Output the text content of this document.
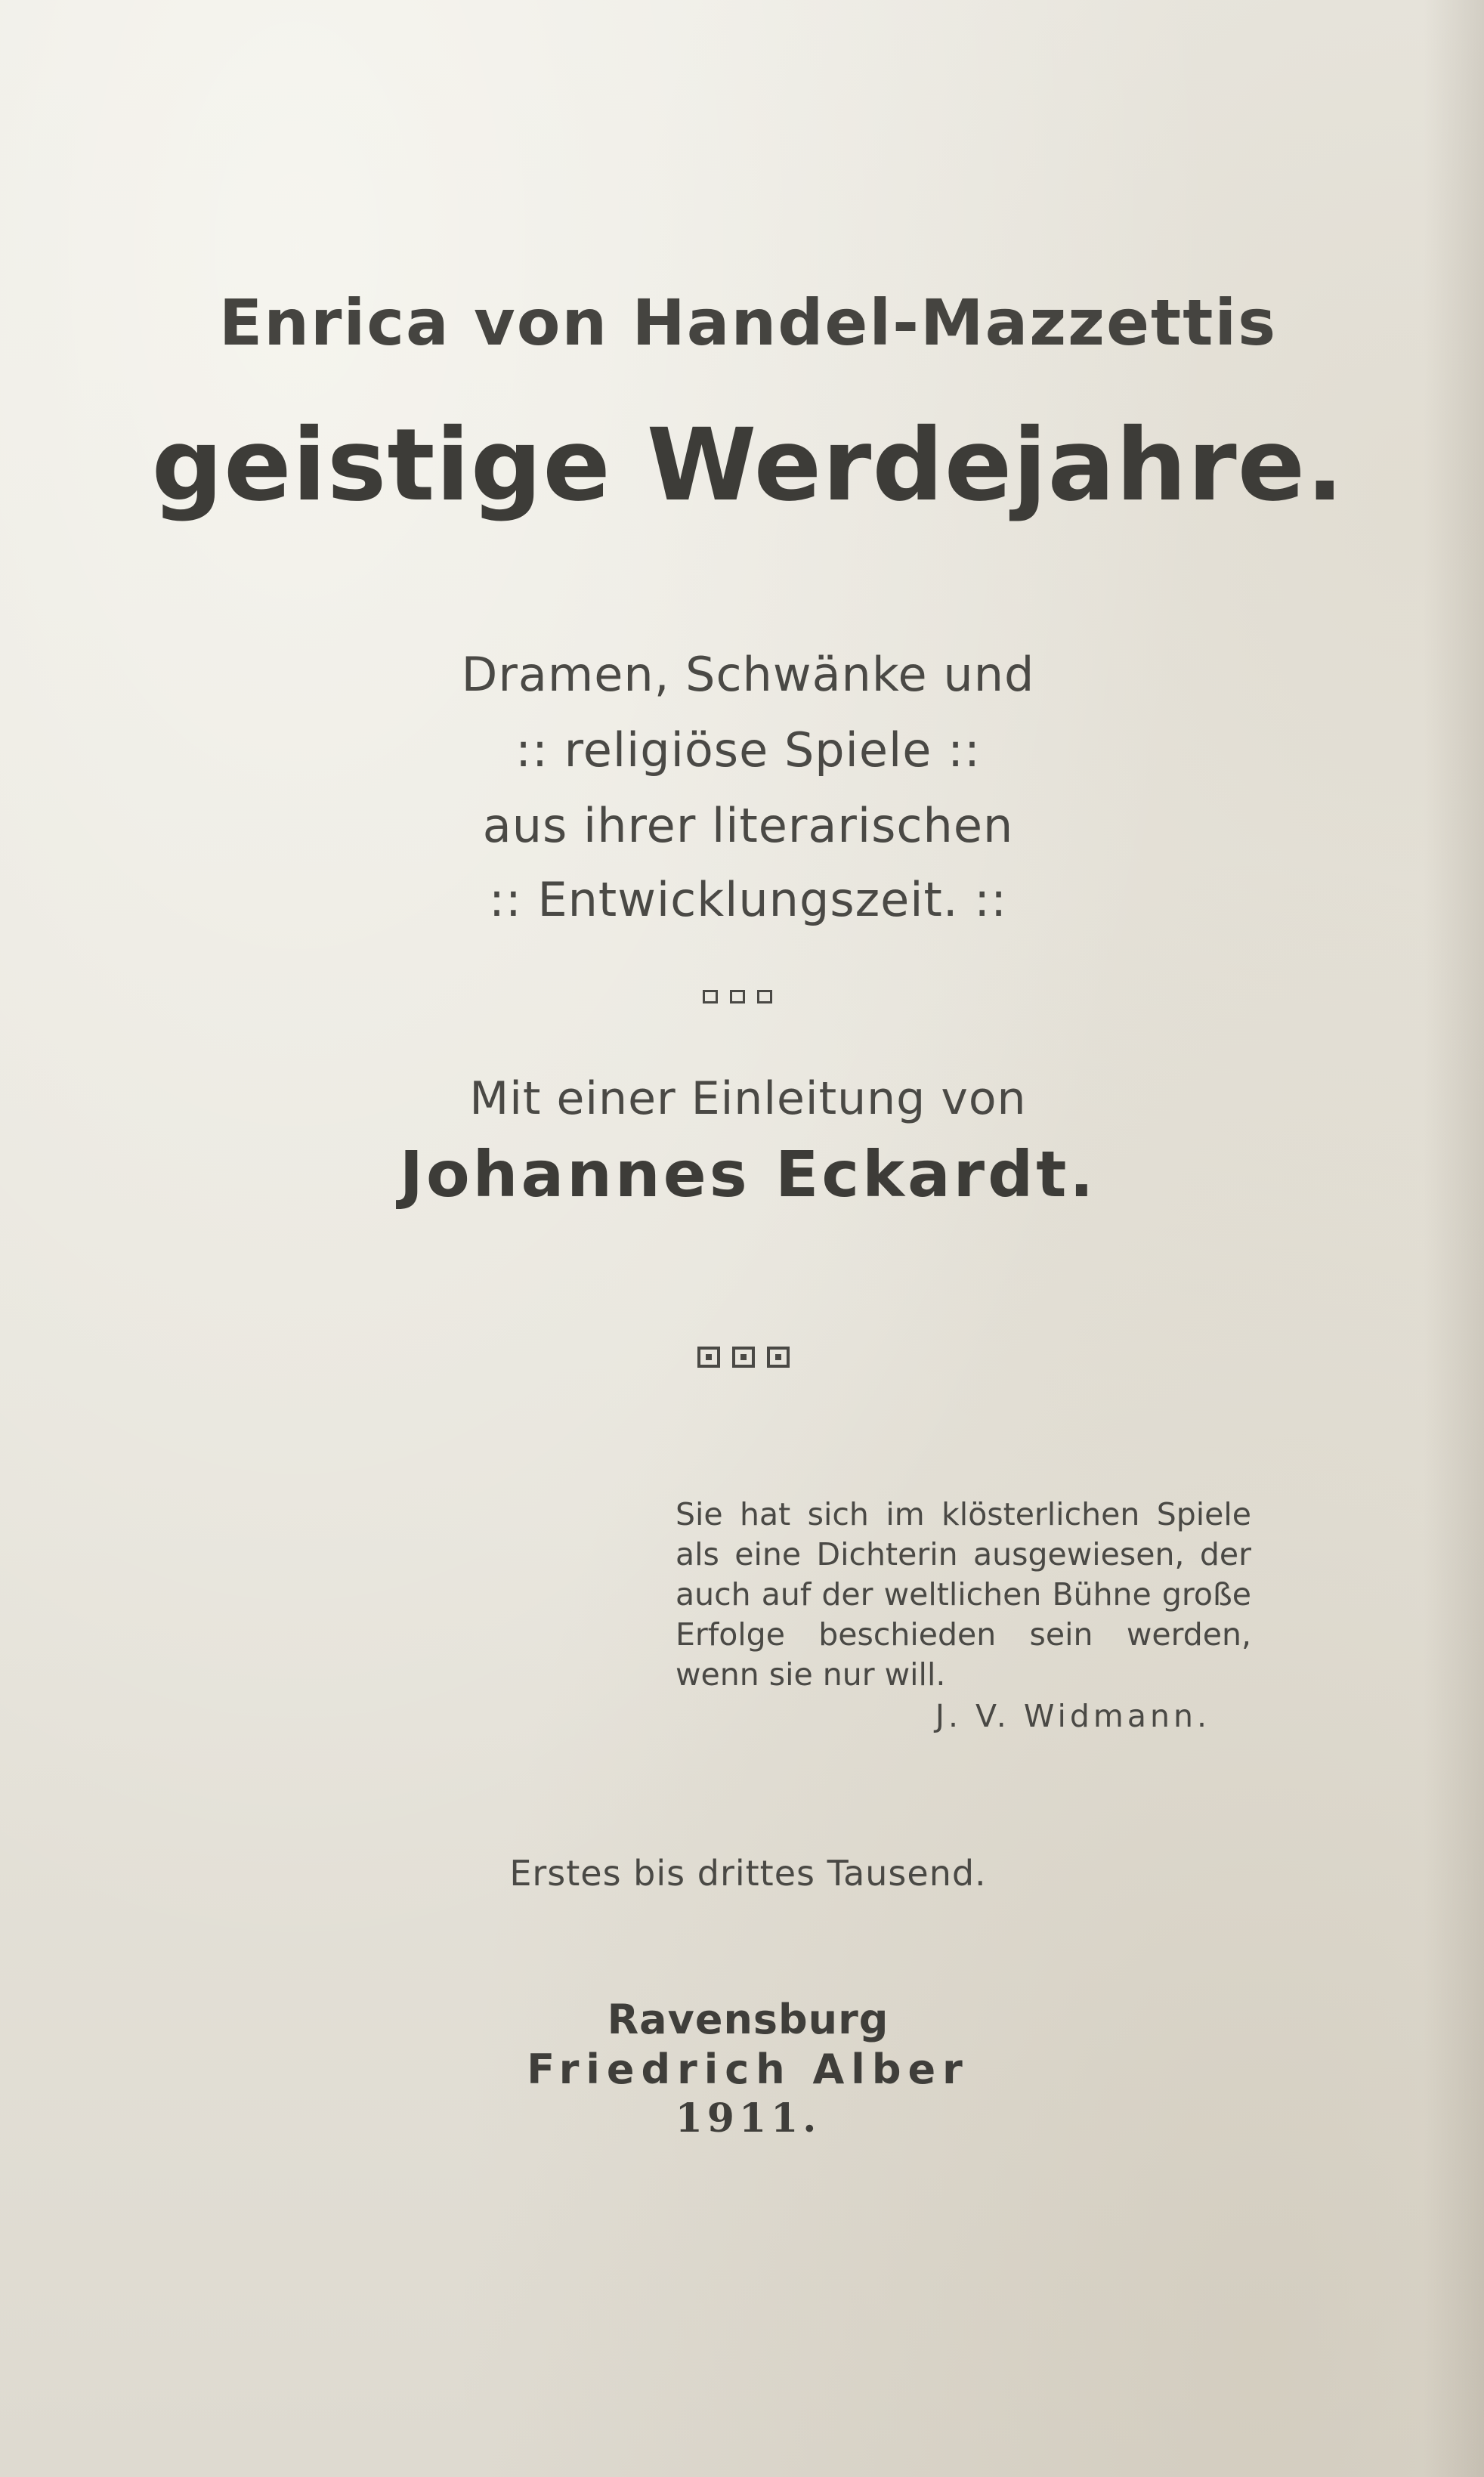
Enrica von Handel-Mazzettis

geistige Werdejahre.

Dramen, Schwänke und

:: religiöse Spiele ::

aus ihrer literarischen

:: Entwicklungszeit. ::

Mit einer Einleitung von

Johannes Eckardt.

Sie hat sich im klösterlichen Spiele
als eine Dichterin ausgewiesen, der
auch auf der weltlichen Bühne große
Erfolge beschieden sein werden,
wenn sie nur will.
J. V. Widmann.

Erstes bis drittes Tausend.

Ravensburg

Friedrich Alber

1911.
